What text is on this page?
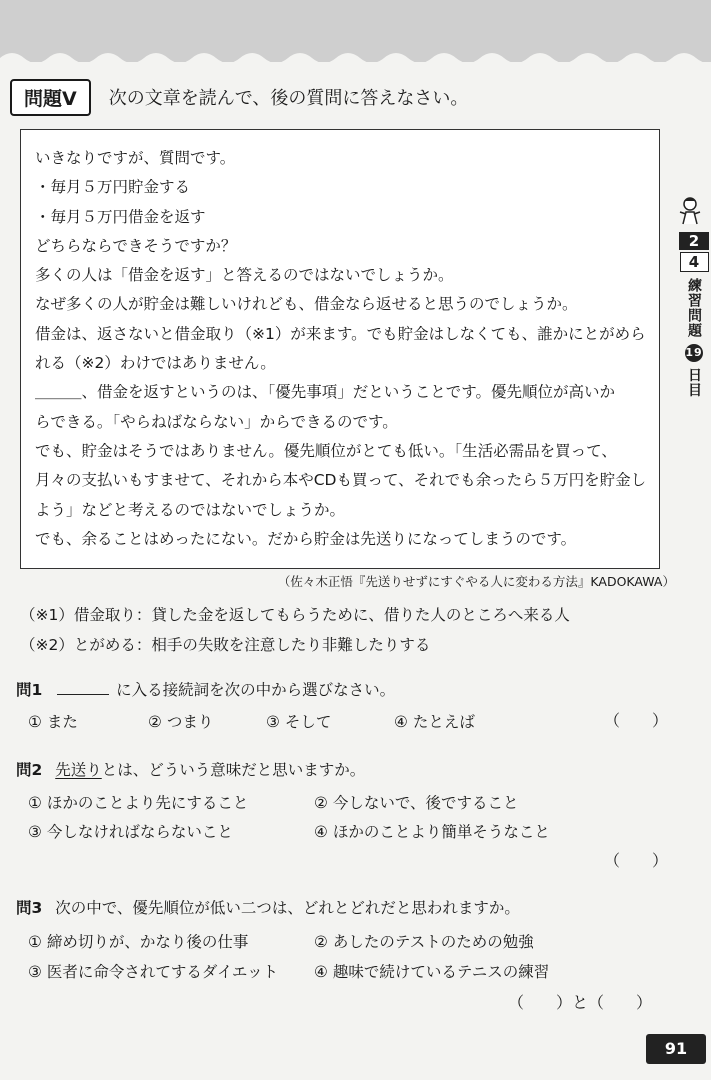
問題Ⅴ	次の文章を読んで、後の質問に答えなさい。

いきなりですが、質問です。

・毎月５万円貯金する

・毎月５万円借金を返す

どちらならできそうですか？

多くの人は「借金を返す」と答えるのではないでしょうか。

なぜ多くの人が貯金は難しいけれども、借金なら返せると思うのでしょうか。

借金は、返さないと借金取り（※1）が来ます。でも貯金はしなくても、誰かにとがめら

れる（※2）わけではありません。

＿＿＿、借金を返すというのは、「優先事項」だということです。優先順位が高いか

らできる。「やらねばならない」からできるのです。

でも、貯金はそうではありません。優先順位がとても低い。「生活必需品を買って、

月々の支払いもすませて、それから本やCDも買って、それでも余ったら５万円を貯金し

よう」などと考えるのではないでしょうか。

でも、余ることはめったにない。だから貯金は先送りになってしまうのです。

（佐々木正悟『先送りせずにすぐやる人に変わる方法』KADOKAWA）

（※1）借金取り：貸した金を返してもらうために、借りた人のところへ来る人

（※2）とがめる：相手の失敗を注意したり非難したりする

問1	に入る接続詞を次の中から選びなさい。
① また	② つまり	③ そして	④ たとえば	（　　）
問2 先送りとは、どういう意味だと思いますか。
① ほかのことより先にすること	② 今しないで、後ですること
③ 今しなければならないこと	④ ほかのことより簡単そうなこと
（　　）
問3 次の中で、優先順位が低い二つは、どれとどれだと思われますか。
① 締め切りが、かなり後の仕事	② あしたのテストのための勉強
③ 医者に命令されてするダイエット	④ 趣味で続けているテニスの練習
（　　）と（　　）
2
4
練習問題 19 日目
91
